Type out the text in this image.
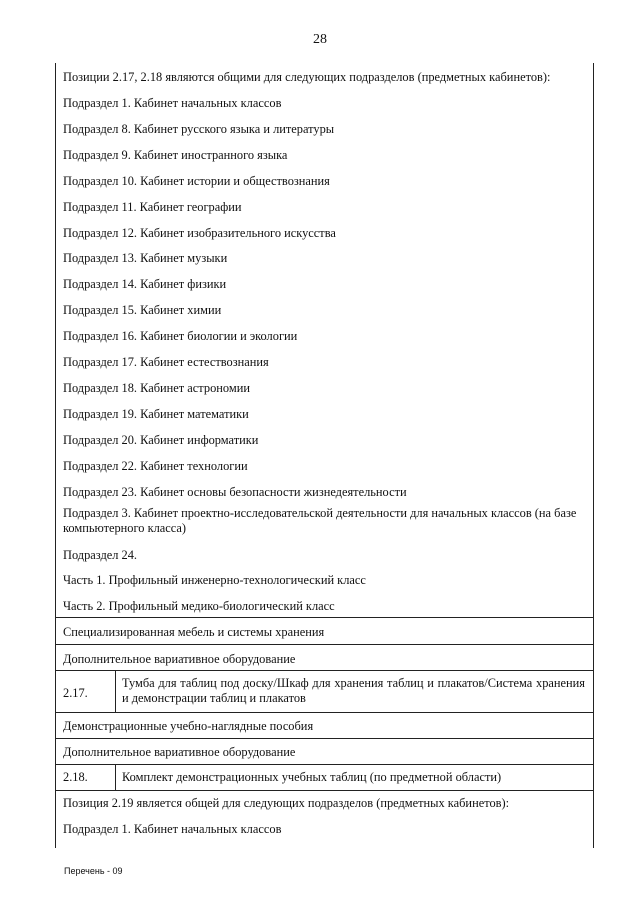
28
Позиции 2.17, 2.18 являются общими для следующих подразделов (предметных кабинетов):
Подраздел 1. Кабинет начальных классов
Подраздел 8. Кабинет русского языка и литературы
Подраздел 9. Кабинет иностранного языка
Подраздел 10. Кабинет истории и обществознания
Подраздел 11. Кабинет географии
Подраздел 12. Кабинет изобразительного искусства
Подраздел 13. Кабинет музыки
Подраздел 14. Кабинет физики
Подраздел 15. Кабинет химии
Подраздел 16. Кабинет биологии и экологии
Подраздел 17. Кабинет естествознания
Подраздел 18. Кабинет астрономии
Подраздел 19. Кабинет математики
Подраздел 20. Кабинет информатики
Подраздел 22. Кабинет технологии
Подраздел 23. Кабинет основы безопасности жизнедеятельности
Подраздел 3. Кабинет проектно-исследовательской деятельности для начальных классов (на базе компьютерного класса)
Подраздел 24.
Часть 1. Профильный инженерно-технологический класс
Часть 2. Профильный медико-биологический класс
Специализированная мебель и системы хранения
Дополнительное вариативное оборудование
2.17.
Тумба для таблиц под доску/Шкаф для хранения таблиц и плакатов/Система хранения и демонстрации таблиц и плакатов
Демонстрационные учебно-наглядные пособия
Дополнительное вариативное оборудование
2.18.	Комплект демонстрационных учебных таблиц (по предметной области)
Позиция 2.19 является общей для следующих подразделов (предметных кабинетов):
Подраздел 1. Кабинет начальных классов
Перечень - 09
